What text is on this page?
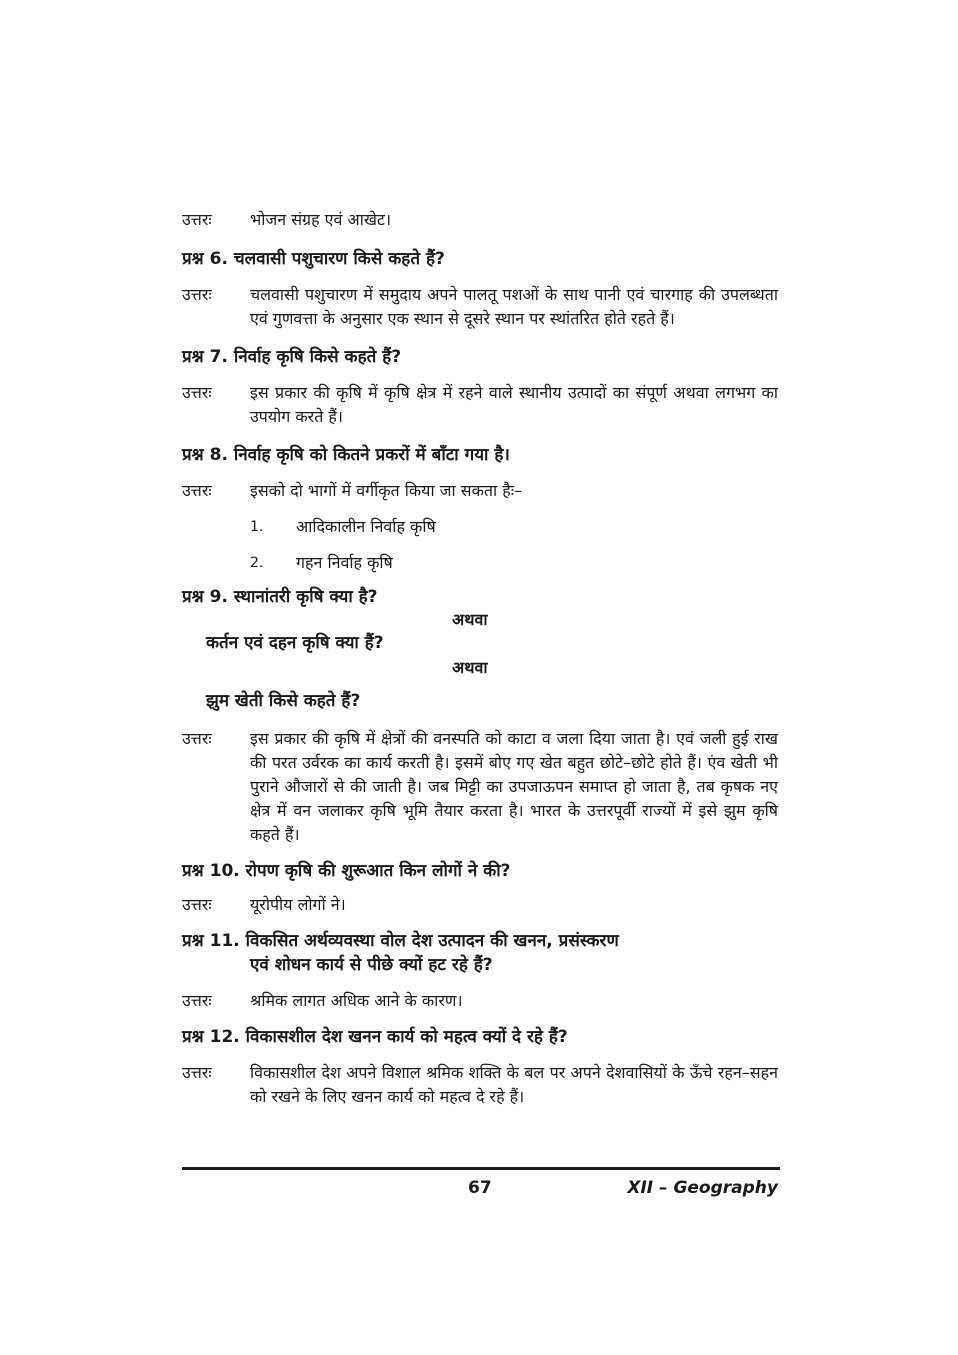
उत्तरः	भोजन संग्रह एवं आखेट।

प्रश्न 6. चलवासी पशुचारण किसे कहते हैं?

उत्तरः	चलवासी पशुचारण में समुदाय अपने पालतू पशओं के साथ पानी एवं चारगाह की उपलब्धता एवं गुणवत्ता के अनुसार एक स्थान से दूसरे स्थान पर स्थांतरित होते रहते हैं।

प्रश्न 7. निर्वाह कृषि किसे कहते हैं?

उत्तरः	इस प्रकार की कृषि में कृषि क्षेत्र में रहने वाले स्थानीय उत्पादों का संपूर्ण अथवा लगभग का उपयोग करते हैं।

प्रश्न 8. निर्वाह कृषि को कितने प्रकरों में बाँटा गया है।

उत्तरः	इसको दो भागों में वर्गीकृत किया जा सकता हैः–
1.	आदिकालीन निर्वाह कृषि
2.	गहन निर्वाह कृषि

प्रश्न 9. स्थानांतरी कृषि क्या है?

अथवा
कर्तन एवं दहन कृषि क्या हैं?
अथवा
झुम खेती किसे कहते हैं?
उत्तरः	इस प्रकार की कृषि में क्षेत्रों की वनस्पति को काटा व जला दिया जाता है। एवं जली हुई राख की परत उर्वरक का कार्य करती है। इसमें बोए गए खेत बहुत छोटे–छोटे होते हैं। एंव खेती भी पुराने औजारों से की जाती है। जब मिट्टी का उपजाऊपन समाप्त हो जाता है, तब कृषक नए क्षेत्र में वन जलाकर कृषि भूमि तैयार करता है। भारत के उत्तरपूर्वी राज्यों में इसे झुम कृषि कहते हैं।

प्रश्न 10. रोपण कृषि की शुरूआत किन लोगों ने की?

उत्तरः	यूरोपीय लोगों ने।

प्रश्न 11. विकसित अर्थव्यवस्था वोल देश उत्पादन की खनन, प्रसंस्करण

एवं शोधन कार्य से पीछे क्यों हट रहे हैं?

उत्तरः	श्रमिक लागत अधिक आने के कारण।

प्रश्न 12. विकासशील देश खनन कार्य को महत्व क्यों दे रहे हैं?

उत्तरः	विकासशील देश अपने विशाल श्रमिक शक्ति के बल पर अपने देशवासियों के ऊँचे रहन–सहन को रखने के लिए खनन कार्य को महत्व दे रहे हैं।
67	XII – Geography
